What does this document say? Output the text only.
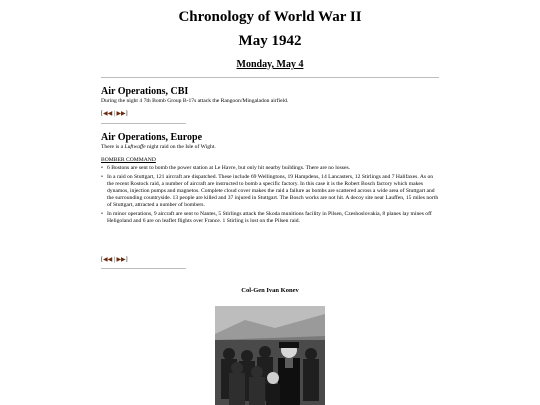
Chronology of World War II
May 1942
Monday, May 4
Air Operations, CBI
During the night 4 7th Bomb Group B-17s attack the Rangoon/Mingaladon airfield.
[◀◀ | ▶▶]
Air Operations, Europe
There is a Luftwaffe night raid on the Isle of Wight.
BOMBER COMMAND
• 6 Bostons are sent to bomb the power station at Le Havre, but only hit nearby buildings. There are no losses.
• In a raid on Stuttgart, 121 aircraft are dispatched. These include 69 Wellingtons, 19 Hampdens, 14 Lancasters, 12 Stirlings and 7 Halifaxes. As on the recent Rostock raid, a number of aircraft are instructed to bomb a specific factory. In this case it is the Robert Bosch factory which makes dynamos, injection pumps and magnetos. Complete cloud cover makes the raid a failure as bombs are scattered across a wide area of Stuttgart and the surrounding countryside. 13 people are killed and 37 injured in Stuttgart. The Bosch works are not hit. A decoy site near Lauffen, 15 miles north of Stuttgart, attracted a number of bombers.
• In minor operations, 9 aircraft are sent to Nantes, 5 Stirlings attack the Skoda munitions facility in Pilsen, Czeshoslovakia, 8 planes lay mines off Heligoland and 6 are on leaflet flights over France. 1 Stirling is lost on the Pilsen raid.
[◀◀ | ▶▶]
Col-Gen Ivan Konev
